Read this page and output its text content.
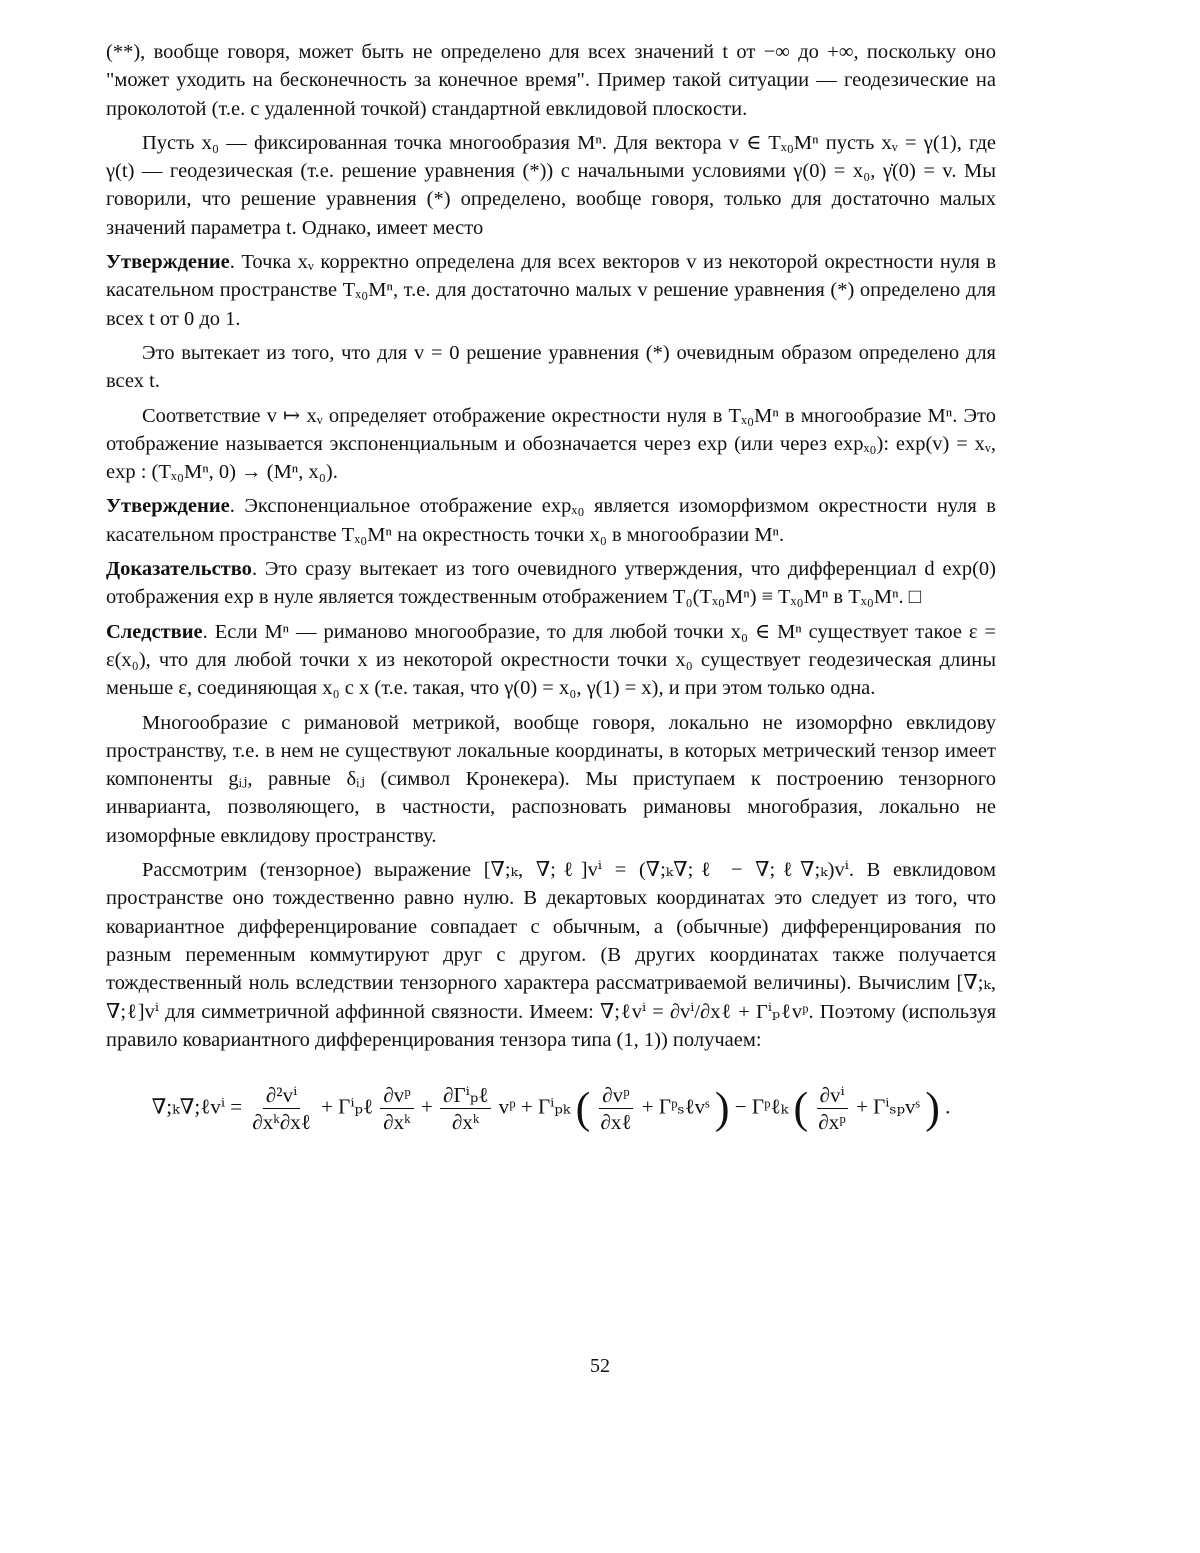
(**), вообще говоря, может быть не определено для всех значений t от −∞ до +∞, поскольку оно "может уходить на бесконечность за конечное время". Пример такой ситуации — геодезические на проколотой (т.е. с удаленной точкой) стандартной евклидовой плоскости.

Пусть x₀ — фиксированная точка многообразия Mⁿ. Для вектора v ∈ Tₓ₀Mⁿ пусть xᵥ = γ(1), где γ(t) — геодезическая (т.е. решение уравнения (*)) с начальными условиями γ(0) = x₀, γ̇(0) = v. Мы говорили, что решение уравнения (*) определено, вообще говоря, только для достаточно малых значений параметра t. Однако, имеет место

Утверждение. Точка xᵥ корректно определена для всех векторов v из некоторой окрестности нуля в касательном пространстве Tₓ₀Mⁿ, т.е. для достаточно малых v решение уравнения (*) определено для всех t от 0 до 1.

Это вытекает из того, что для v = 0 решение уравнения (*) очевидным образом определено для всех t.

Соответствие v ↦ xᵥ определяет отображение окрестности нуля в Tₓ₀Mⁿ в многообразие Mⁿ. Это отображение называется экспоненциальным и обозначается через exp (или через expₓ₀): exp(v) = xᵥ, exp : (Tₓ₀Mⁿ, 0) → (Mⁿ, x₀).

Утверждение. Экспоненциальное отображение expₓ₀ является изоморфизмом окрестности нуля в касательном пространстве Tₓ₀Mⁿ на окрестность точки x₀ в многообразии Mⁿ.

Доказательство. Это сразу вытекает из того очевидного утверждения, что дифференциал d exp(0) отображения exp в нуле является тождественным отображением T₀(Tₓ₀Mⁿ) ≡ Tₓ₀Mⁿ в Tₓ₀Mⁿ. □

Следствие. Если Mⁿ — риманово многообразие, то для любой точки x₀ ∈ Mⁿ существует такое ε = ε(x₀), что для любой точки x из некоторой окрестности точки x₀ существует геодезическая длины меньше ε, соединяющая x₀ с x (т.е. такая, что γ(0) = x₀, γ(1) = x), и при этом только одна.

Многообразие с римановой метрикой, вообще говоря, локально не изоморфно евклидову пространству, т.е. в нем не существуют локальные координаты, в которых метрический тензор имеет компоненты gᵢⱼ, равные δᵢⱼ (символ Кронекера). Мы приступаем к построению тензорного инварианта, позволяющего, в частности, распозновать римановы многобразия, локально не изоморфные евклидову пространству.

Рассмотрим (тензорное) выражение [∇;ₖ, ∇;ℓ]vⁱ = (∇;ₖ∇;ℓ − ∇;ℓ∇;ₖ)vⁱ. В евклидовом пространстве оно тождественно равно нулю. В декартовых координатах это следует из того, что ковариантное дифференцирование совпадает с обычным, а (обычные) дифференцирования по разным переменным коммутируют друг с другом. (В других координатах также получается тождественный ноль вследствии тензорного характера рассматриваемой величины). Вычислим [∇;ₖ, ∇;ℓ]vⁱ для симметричной аффинной связности. Имеем: ∇;ℓvⁱ = ∂vⁱ/∂xℓ + Γⁱₚℓvᵖ. Поэтому (используя правило ковариантного дифференцирования тензора типа (1, 1)) получаем:

∇;ₖ∇;ℓvⁱ = $\frac{\text{∂²vⁱ}}{\text{∂xᵏ∂xℓ}}$ + Γⁱₚℓ $\frac{\text{∂vᵖ}}{\text{∂xᵏ}} + \frac{\text{∂Γⁱₚℓ}}{\text{∂xᵏ}}$ vᵖ + Γⁱₚₖ ( $\frac{\text{∂vᵖ}}{\text{∂xℓ}}$ + Γᵖₛℓvˢ ) − Γᵖℓₖ ( $\frac{\text{∂vⁱ}}{\text{∂xᵖ}}$ + Γⁱₛₚvˢ ) .
52
